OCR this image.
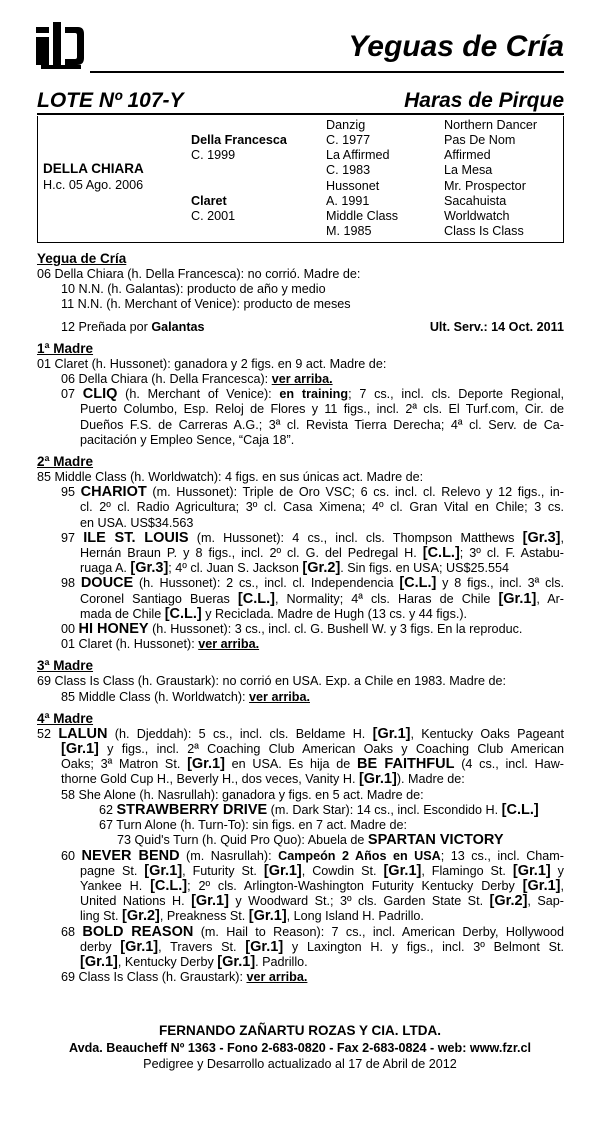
Yeguas de Cría
LOTE Nº 107-Y	Haras de Pirque
DELLA CHIARA
H.c. 05 Ago. 2006
Della Francesca
C. 1999
Claret
C. 2001
Danzig
C. 1977
La Affirmed
C. 1983
Hussonet
A. 1991
Middle Class
M. 1985
Northern Dancer
Pas De Nom
Affirmed
La Mesa
Mr. Prospector
Sacahuista
Worldwatch
Class Is Class
Yegua de Cría
06 Della Chiara (h. Della Francesca): no corrió. Madre de:
10 N.N. (h. Galantas): producto de año y medio
11 N.N. (h. Merchant of Venice): producto de meses
12 Preñada por Galantas	Ult. Serv.: 14 Oct. 2011
1ª Madre
01 Claret (h. Hussonet): ganadora y 2 figs. en 9 act. Madre de:
06 Della Chiara (h. Della Francesca): ver arriba.
07 CLIQ (h. Merchant of Venice): en training; 7 cs., incl. cls. Deporte Regional,
Puerto Columbo, Esp. Reloj de Flores y 11 figs., incl. 2ª cls. El Turf.com, Cir. de
Dueños F.S. de Carreras A.G.; 3ª cl. Revista Tierra Derecha; 4ª cl. Serv. de Ca-
pacitación y Empleo Sence, “Caja 18”.
2ª Madre
85 Middle Class (h. Worldwatch): 4 figs. en sus únicas act. Madre de:
95 CHARIOT (m. Hussonet): Triple de Oro VSC; 6 cs. incl. cl. Relevo y 12 figs., in-
cl. 2º cl. Radio Agricultura; 3º cl. Casa Ximena; 4º cl. Gran Vital en Chile; 3 cs.
en USA. US$34.563
97 ILE ST. LOUIS (m. Hussonet): 4 cs., incl. cls. Thompson Matthews [Gr.3],
Hernán Braun P. y 8 figs., incl. 2º cl. G. del Pedregal H. [C.L.]; 3º cl. F. Astabu-
ruaga A. [Gr.3]; 4º cl. Juan S. Jackson [Gr.2]. Sin figs. en USA; US$25.554
98 DOUCE (h. Hussonet): 2 cs., incl. cl. Independencia [C.L.] y 8 figs., incl. 3ª cls.
Coronel Santiago Bueras [C.L.], Normality; 4ª cls. Haras de Chile [Gr.1], Ar-
mada de Chile [C.L.] y Reciclada. Madre de Hugh (13 cs. y 44 figs.).
00 HI HONEY (h. Hussonet): 3 cs., incl. cl. G. Bushell W. y 3 figs. En la reproduc.
01 Claret (h. Hussonet): ver arriba.
3ª Madre
69 Class Is Class (h. Graustark): no corrió en USA. Exp. a Chile en 1983. Madre de:
85 Middle Class (h. Worldwatch): ver arriba.
4ª Madre
52 LALUN (h. Djeddah): 5 cs., incl. cls. Beldame H. [Gr.1], Kentucky Oaks Pageant
[Gr.1] y figs., incl. 2ª Coaching Club American Oaks y Coaching Club American
Oaks; 3ª Matron St. [Gr.1] en USA. Es hija de BE FAITHFUL (4 cs., incl. Haw-
thorne Gold Cup H., Beverly H., dos veces, Vanity H. [Gr.1]). Madre de:
58 She Alone (h. Nasrullah): ganadora y figs. en 5 act. Madre de:
62 STRAWBERRY DRIVE (m. Dark Star): 14 cs., incl. Escondido H. [C.L.]
67 Turn Alone (h. Turn-To): sin figs. en 7 act. Madre de:
73 Quid's Turn (h. Quid Pro Quo): Abuela de SPARTAN VICTORY
60 NEVER BEND (m. Nasrullah): Campeón 2 Años en USA; 13 cs., incl. Cham-
pagne St. [Gr.1], Futurity St. [Gr.1], Cowdin St. [Gr.1], Flamingo St. [Gr.1] y
Yankee H. [C.L.]; 2º cls. Arlington-Washington Futurity Kentucky Derby [Gr.1],
United Nations H. [Gr.1] y Woodward St.; 3º cls. Garden State St. [Gr.2], Sap-
ling St. [Gr.2], Preakness St. [Gr.1], Long Island H. Padrillo.
68 BOLD REASON (m. Hail to Reason): 7 cs., incl. American Derby, Hollywood
derby [Gr.1], Travers St. [Gr.1] y Laxington H. y figs., incl. 3º Belmont St.
[Gr.1], Kentucky Derby [Gr.1]. Padrillo.
69 Class Is Class (h. Graustark): ver arriba.
FERNANDO ZAÑARTU ROZAS Y CIA. LTDA.
Avda. Beaucheff Nº 1363 - Fono 2-683-0820 - Fax 2-683-0824 - web: www.fzr.cl
Pedigree y Desarrollo actualizado al 17 de Abril de 2012
